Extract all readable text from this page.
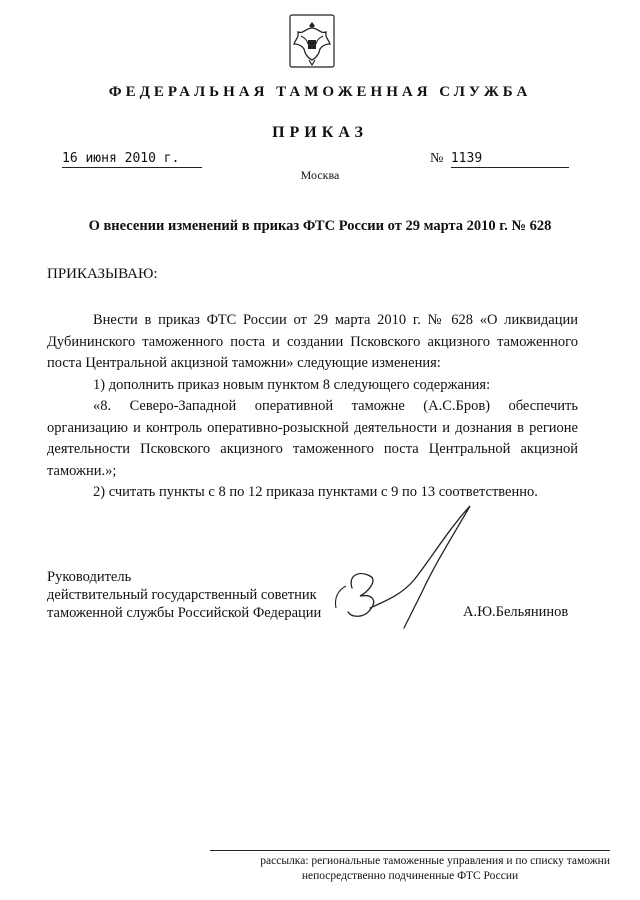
ФЕДЕРАЛЬНАЯ ТАМОЖЕННАЯ СЛУЖБА
ПРИКАЗ
16 июня 2010 г.	№ 1139
Москва
О внесении изменений в приказ ФТС России от 29 марта 2010 г. № 628
ПРИКАЗЫВАЮ:

Внести в приказ ФТС России от 29 марта 2010 г. № 628 «О ликвидации Дубининского таможенного поста и создании Псковского акцизного таможенного поста Центральной акцизной таможни» следующие изменения:

1) дополнить приказ новым пунктом 8 следующего содержания:

«8. Северо-Западной оперативной таможне (А.С.Бров) обеспечить организацию и контроль оперативно-розыскной деятельности и дознания в регионе деятельности Псковского акцизного таможенного поста Центральной акцизной таможни.»;

2) считать пункты с 8 по 12 приказа пунктами с 9 по 13 соответственно.

Руководитель
действительный государственный советник
таможенной службы Российской Федерации	А.Ю.Бельянинов
рассылка: региональные таможенные управления и по списку таможни
непосредственно подчиненные ФТС России
